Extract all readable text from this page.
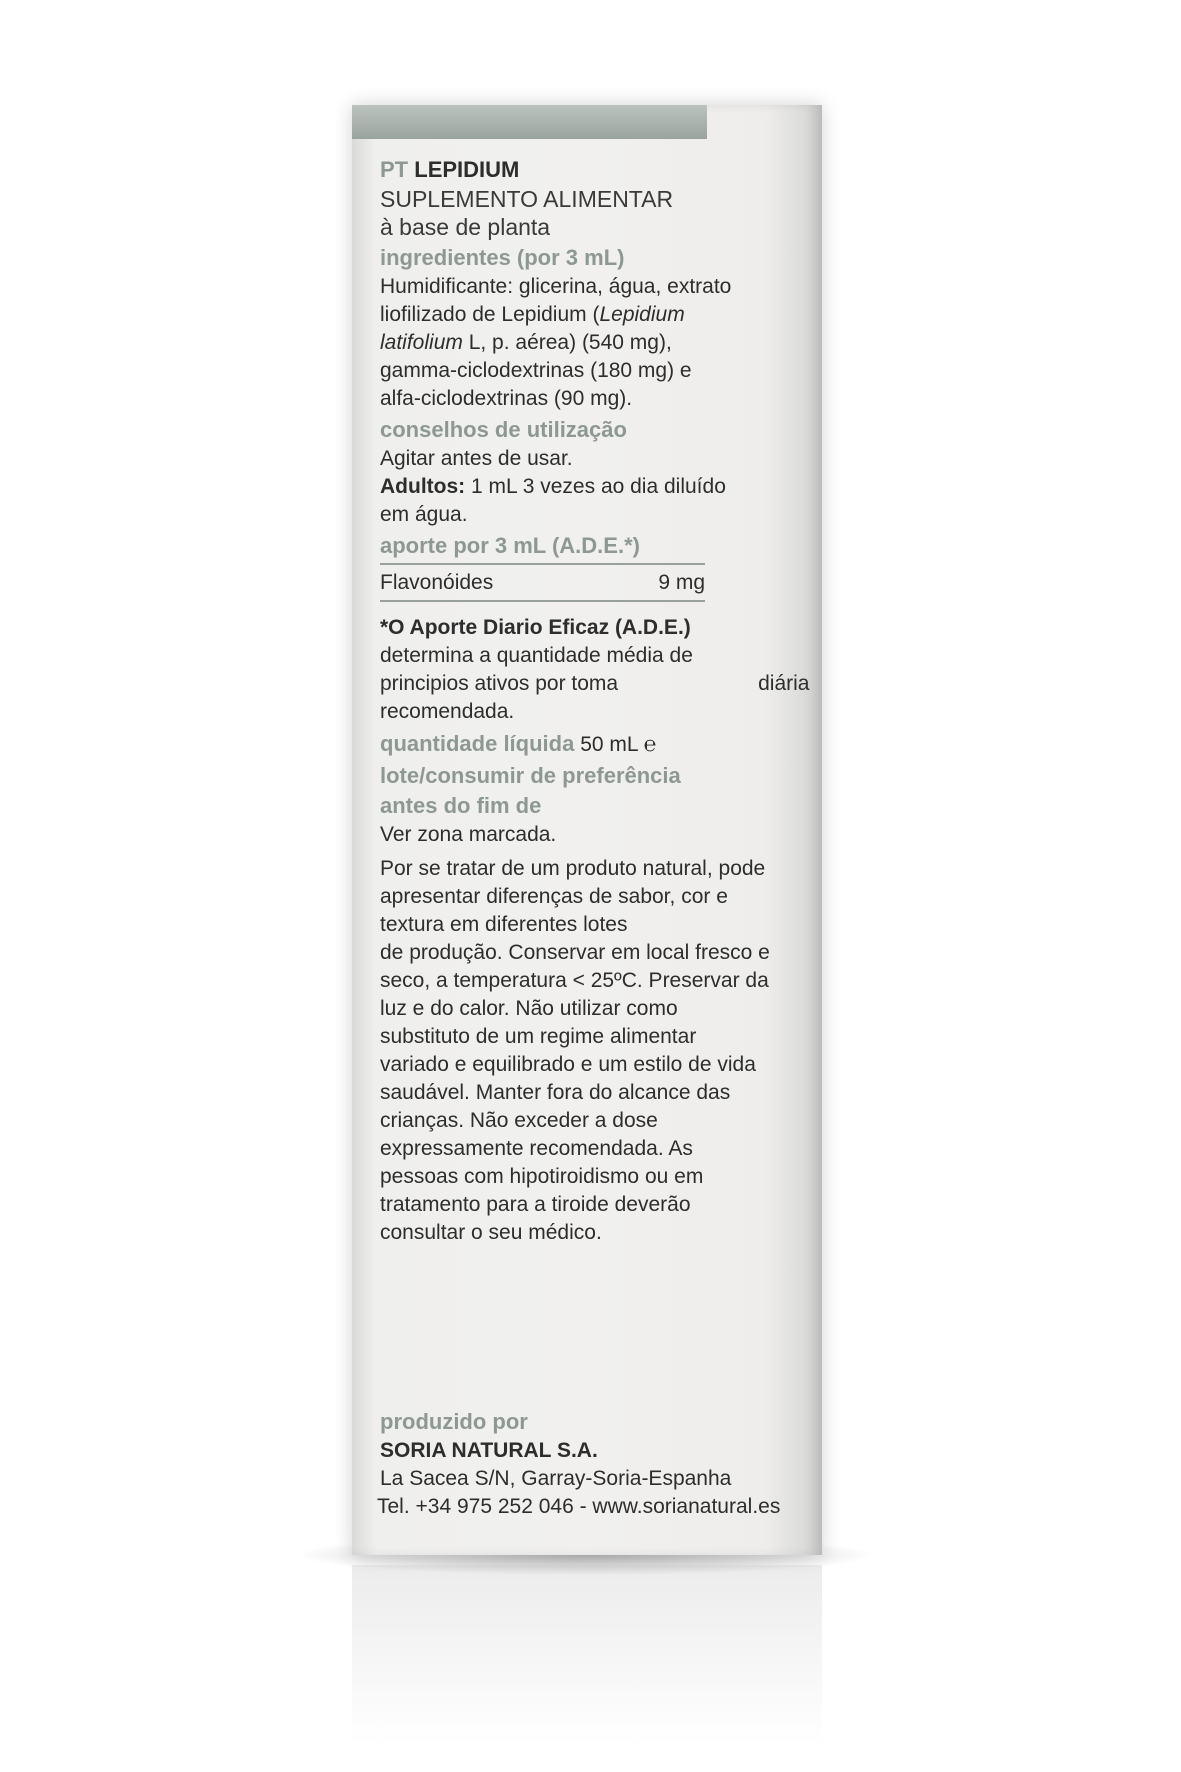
PT LEPIDIUM
SUPLEMENTO ALIMENTAR
à base de planta
ingredientes (por 3 mL)

Humidificante: glicerina, água, extrato

liofilizado de Lepidium (Lepidium

latifolium L, p. aérea) (540 mg),

gamma-ciclodextrinas (180 mg) e

alfa-ciclodextrinas (90 mg).

conselhos de utilização

Agitar antes de usar.

Adultos: 1 mL 3 vezes ao dia diluído

em água.

aporte por 3 mL (A.D.E.*)
Flavonóides	9 mg

*O Aporte Diario Eficaz (A.D.E.)

determina a quantidade média de

principios ativos por toma	diária

recomendada.

quantidade líquida 50 mL ℮
lote/consumir de preferência
antes do fim de

Ver zona marcada.

Por se tratar de um produto natural, pode

apresentar diferenças de sabor, cor e

textura em diferentes lotes

de produção. Conservar em local fresco e

seco, a temperatura < 25ºC. Preservar da

luz e do calor. Não utilizar como

substituto de um regime alimentar

variado e equilibrado e um estilo de vida

saudável. Manter fora do alcance das

crianças. Não exceder a dose

expressamente recomendada. As

pessoas com hipotiroidismo ou em

tratamento para a tiroide deverão

consultar o seu médico.

produzido por

SORIA NATURAL S.A.

La Sacea S/N, Garray-Soria-Espanha

Tel. +34 975 252 046 - www.sorianatural.es
